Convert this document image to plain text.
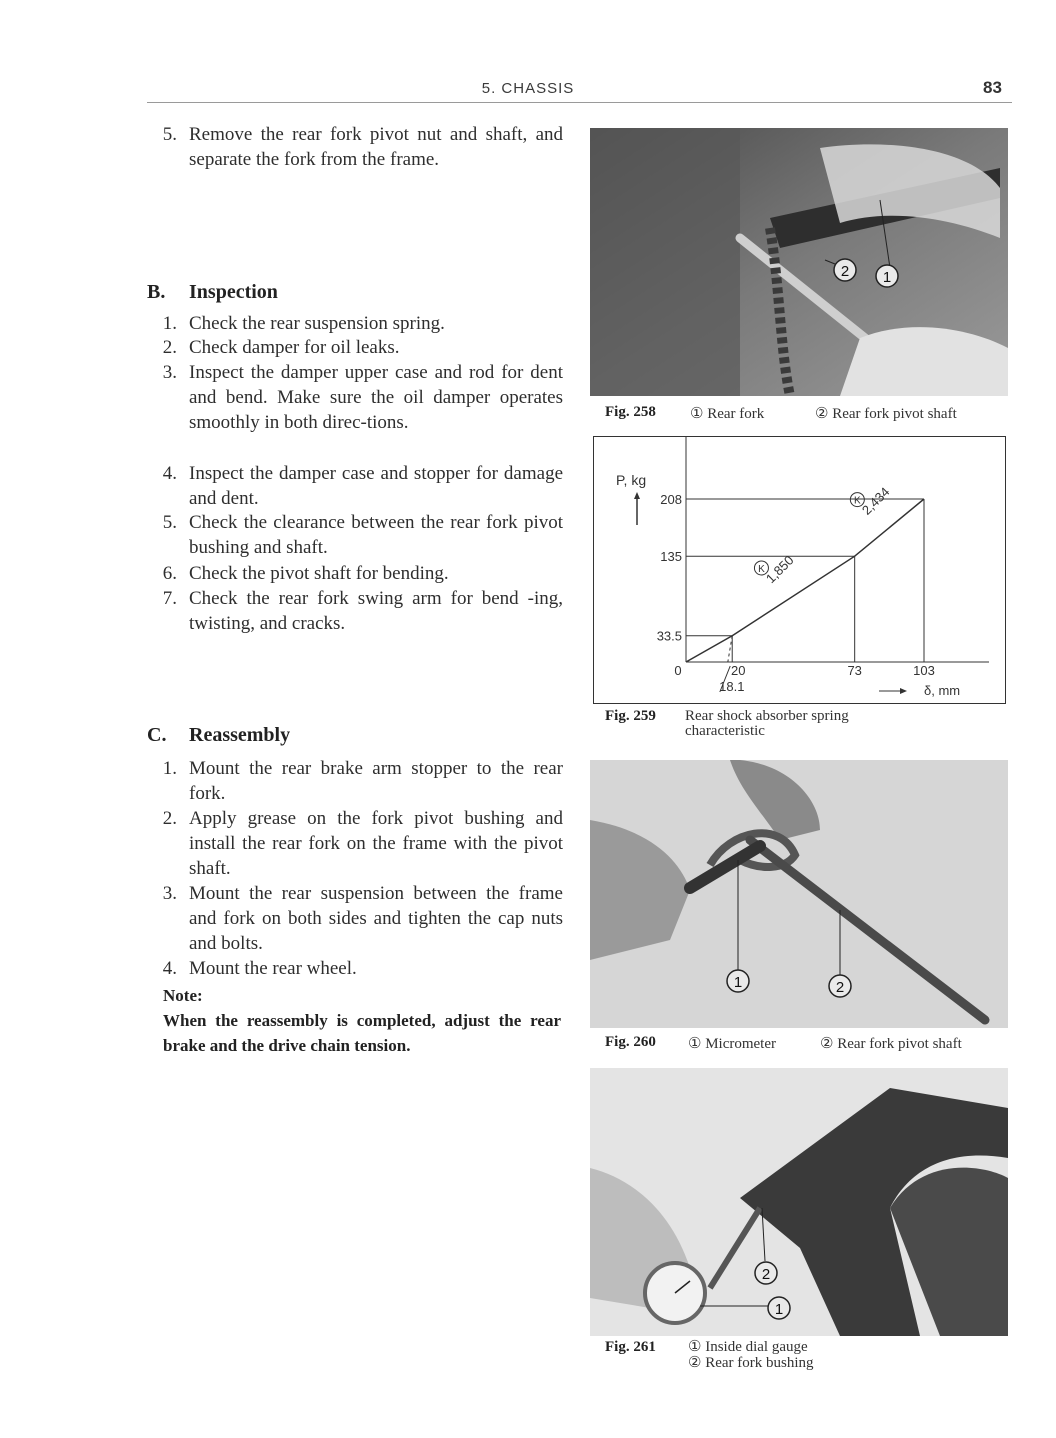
5. CHASSIS	83
5. Remove the rear fork pivot nut and shaft, and separate the fork from the frame.
B. Inspection
1. Check the rear suspension spring.
2. Check damper for oil leaks.
3. Inspect the damper upper case and rod for dent and bend. Make sure the oil damper operates smoothly in both direc-tions.
4. Inspect the damper case and stopper for damage and dent.
5. Check the clearance between the rear fork pivot bushing and shaft.
6. Check the pivot shaft for bending.
7. Check the rear fork swing arm for bend -ing, twisting, and cracks.
C. Reassembly
1. Mount the rear brake arm stopper to the rear fork.
2. Apply grease on the fork pivot bushing and install the rear fork on the frame with the pivot shaft.
3. Mount the rear suspension between the frame and fork on both sides and tighten the cap nuts and bolts.
4. Mount the rear wheel.
Note:
When the reassembly is completed, adjust the rear brake and the drive chain tension.
2 1
Fig. 258 ① Rear fork	② Rear fork pivot shaft
P, kg
33.5
135
208
0	20	73	103
18.1
K
1,850
K
2,434
δ, mm
Fig. 259 Rear shock absorber spring
characteristic
1	2
Fig. 260 ① Micrometer	② Rear fork pivot shaft
2
1
Fig. 261 ① Inside dial gauge
② Rear fork bushing
